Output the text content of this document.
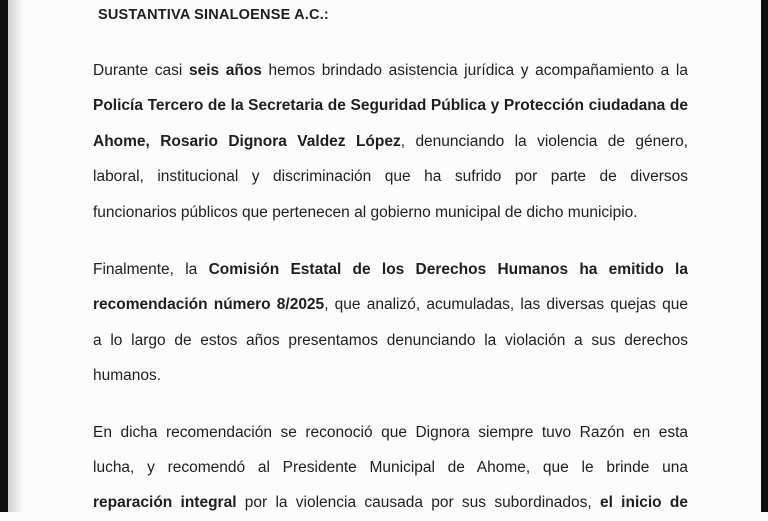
SUSTANTIVA SINALOENSE A.C.:
Durante casi seis años hemos brindado asistencia jurídica y acompañamiento a la
Policía Tercero de la Secretaria de Seguridad Pública y Protección ciudadana de
Ahome, Rosario Dignora Valdez López, denunciando la violencia de género,
laboral, institucional y discriminación que ha sufrido por parte de diversos
funcionarios públicos que pertenecen al gobierno municipal de dicho municipio.
Finalmente, la Comisión Estatal de los Derechos Humanos ha emitido la
recomendación número 8/2025, que analizó, acumuladas, las diversas quejas que
a lo largo de estos años presentamos denunciando la violación a sus derechos
humanos.
En dicha recomendación se reconoció que Dignora siempre tuvo Razón en esta
lucha, y recomendó al Presidente Municipal de Ahome, que le brinde una
reparación integral por la violencia causada por sus subordinados, el inicio de
